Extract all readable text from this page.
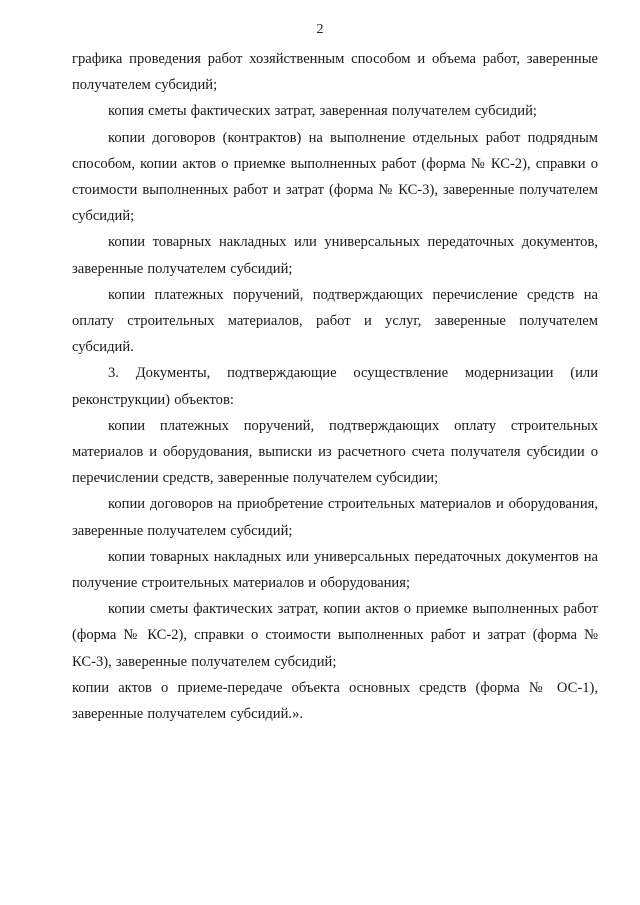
2

графика проведения работ хозяйственным способом и объема работ, заверенные получателем субсидий;

копия сметы фактических затрат, заверенная получателем субсидий;

копии договоров (контрактов) на выполнение отдельных работ подрядным способом, копии актов о приемке выполненных работ (форма № КС-2), справки о стоимости выполненных работ и затрат (форма № КС-3), заверенные получателем субсидий;

копии товарных накладных или универсальных передаточных документов, заверенные получателем субсидий;

копии платежных поручений, подтверждающих перечисление средств на оплату строительных материалов, работ и услуг, заверенные получателем субсидий.

3. Документы, подтверждающие осуществление модернизации (или реконструкции) объектов:

копии платежных поручений, подтверждающих оплату строительных материалов и оборудования, выписки из расчетного счета получателя субсидии о перечислении средств, заверенные получателем субсидии;

копии договоров на приобретение строительных материалов и оборудования, заверенные получателем субсидий;

копии товарных накладных или универсальных передаточных документов на получение строительных материалов и оборудования;

копии сметы фактических затрат, копии актов о приемке выполненных работ (форма № КС-2), справки о стоимости выполненных работ и затрат (форма № КС-3), заверенные получателем субсидий;

копии актов о приеме-передаче объекта основных средств (форма № ОС-1), заверенные получателем субсидий.».
